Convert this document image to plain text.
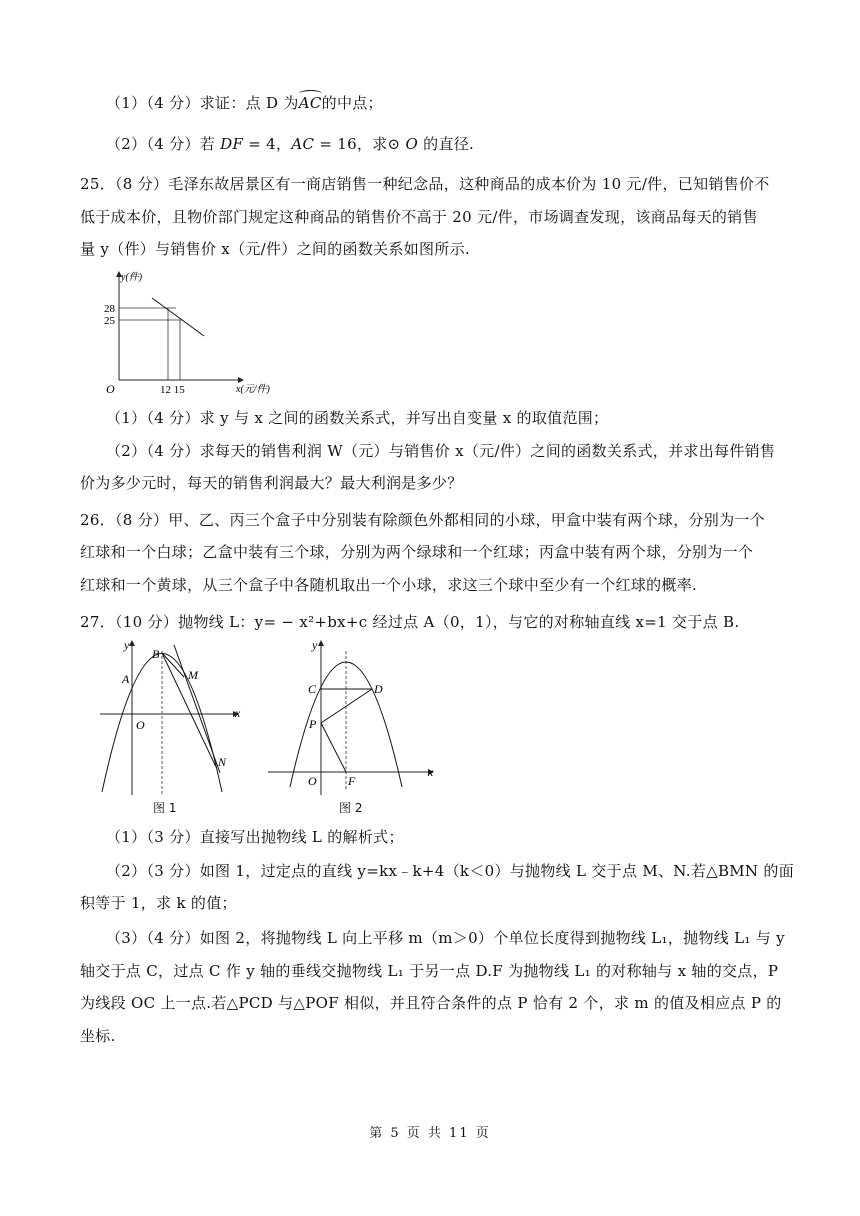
（1）（4 分）求证：点 D 为AC的中点；
（2）（4 分）若 DF = 4，AC = 16，求⊙ O 的直径.
25．（8 分）毛泽东故居景区有一商店销售一种纪念品，这种商品的成本价为 10 元/件，已知销售价不
低于成本价，且物价部门规定这种商品的销售价不高于 20 元/件，市场调查发现，该商品每天的销售
量 y（件）与销售价 x（元/件）之间的函数关系如图所示.
y(件)
28
25
O	12 15	x(元/件)
（1）（4 分）求 y 与 x 之间的函数关系式，并写出自变量 x 的取值范围；
（2）（4 分）求每天的销售利润 W（元）与销售价 x（元/件）之间的函数关系式，并求出每件销售
价为多少元时，每天的销售利润最大？最大利润是多少？
26．（8 分）甲、乙、丙三个盒子中分别装有除颜色外都相同的小球，甲盒中装有两个球，分别为一个
红球和一个白球；乙盒中装有三个球，分别为两个绿球和一个红球；丙盒中装有两个球，分别为一个
红球和一个黄球，从三个盒子中各随机取出一个小球，求这三个球中至少有一个红球的概率.
27．（10 分）抛物线 L：y= − x²+bx+c 经过点 A（0，1），与它的对称轴直线 x=1 交于点 B.
y
x
O
A
B
M
N
图 1
y
x
O
C	D
P
F
图 2
（1）（3 分）直接写出抛物线 L 的解析式；
（2）（3 分）如图 1，过定点的直线 y=kx﹣k+4（k＜0）与抛物线 L 交于点 M、N.若△BMN 的面
积等于 1，求 k 的值；
（3）（4 分）如图 2，将抛物线 L 向上平移 m（m＞0）个单位长度得到抛物线 L₁，抛物线 L₁ 与 y
轴交于点 C，过点 C 作 y 轴的垂线交抛物线 L₁ 于另一点 D.F 为抛物线 L₁ 的对称轴与 x 轴的交点，P
为线段 OC 上一点.若△PCD 与△POF 相似，并且符合条件的点 P 恰有 2 个，求 m 的值及相应点 P 的
坐标.
第 5 页 共 11 页
